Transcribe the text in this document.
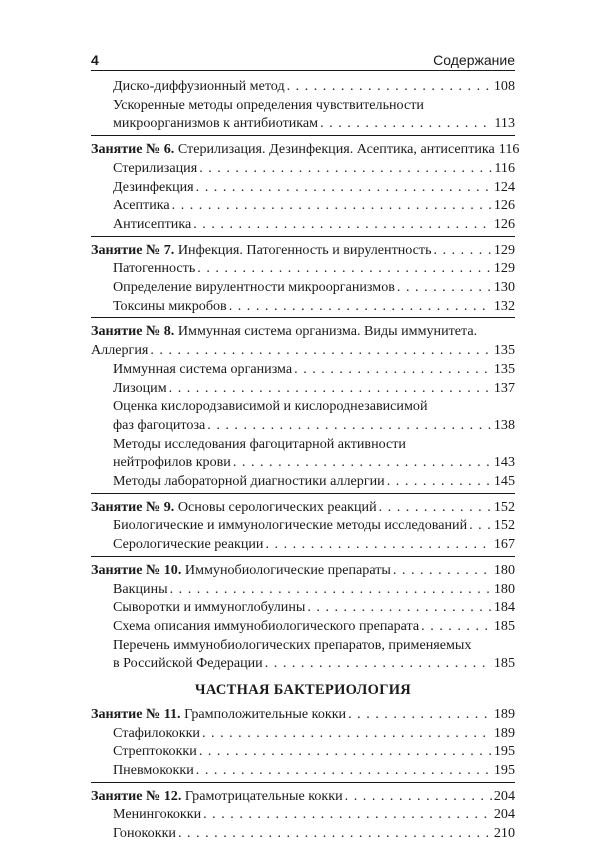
4	Содержание
Диско-диффузионный метод . . .	108
Ускоренные методы определения чувствительности
микроорганизмов к антибиотикам . . .	113
Занятие № 6. Стерилизация. Дезинфекция. Асептика, антисептика 116
Стерилизация . . .	116
Дезинфекция . . .	124
Асептика . . .	126
Антисептика . . .	126
Занятие № 7. Инфекция. Патогенность и вирулентность . . .	129
Патогенность . . .	129
Определение вирулентности микроорганизмов . . .	130
Токсины микробов . . .	132
Занятие № 8. Иммунная система организма. Виды иммунитета.
Аллергия . . .	135
Иммунная система организма . . .	135
Лизоцим . . .	137
Оценка кислородзависимой и кислороднезависимой
фаз фагоцитоза . . .	138
Методы исследования фагоцитарной активности
нейтрофилов крови . . .	143
Методы лабораторной диагностики аллергии . . .	145
Занятие № 9. Основы серологических реакций . . .	152
Биологические и иммунологические методы исследований . . . 152
Серологические реакции . . .	167
Занятие № 10. Иммунобиологические препараты . . .	180
Вакцины . . .	180
Сыворотки и иммуноглобулины . . .	184
Схема описания иммунобиологического препарата . . .	185
Перечень иммунобиологических препаратов, применяемых
в Российской Федерации . . .	185
ЧАСТНАЯ БАКТЕРИОЛОГИЯ
Занятие № 11. Грамположительные кокки . . .	189
Стафилококки . . .	189
Стрептококки . . .	195
Пневмококки . . .	195
Занятие № 12. Грамотрицательные кокки . . .	204
Менингококки . . .	204
Гонококки . . .	210
